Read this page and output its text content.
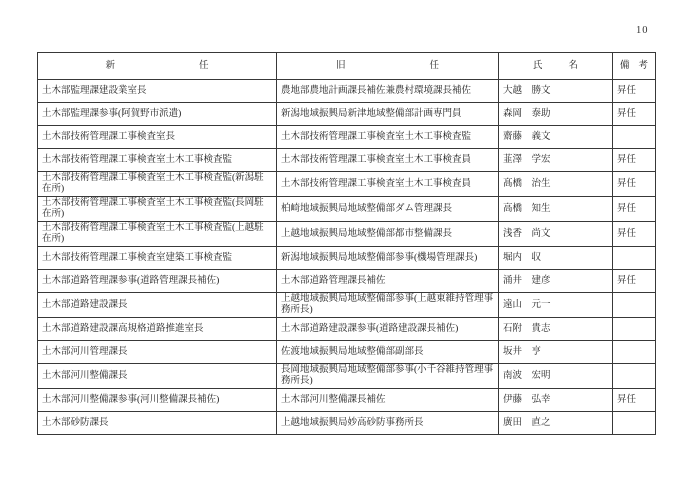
10
新 任	旧 任	氏 名	備 考

土木部監理課建設業室長	農地部農地計画課長補佐兼農村環境課長補佐	大越　勝文	昇任
土木部監理課参事(阿賀野市派遣)	新潟地域振興局新津地域整備部計画専門員	森岡　泰助	昇任
土木部技術管理課工事検査室長	土木部技術管理課工事検査室土木工事検査監	齋藤　義文	
土木部技術管理課工事検査室土木工事検査監	土木部技術管理課工事検査室土木工事検査員	韮澤　学宏	昇任
土木部技術管理課工事検査室土木工事検査監(新潟駐在所)	土木部技術管理課工事検査室土木工事検査員	髙橋　治生	昇任
土木部技術管理課工事検査室土木工事検査監(長岡駐在所)	柏崎地域振興局地域整備部ダム管理課長	高橋　知生	昇任
土木部技術管理課工事検査室土木工事検査監(上越駐在所)	上越地域振興局地域整備部都市整備課長	浅香　尚文	昇任
土木部技術管理課工事検査室建築工事検査監	新潟地域振興局地域整備部参事(機場管理課長)	堀内　収	
土木部道路管理課参事(道路管理課長補佐)	土木部道路管理課長補佐	涌井　建彦	昇任
土木部道路建設課長	上越地域振興局地域整備部参事(上越東維持管理事務所長)	遠山　元一	
土木部道路建設課高規格道路推進室長	土木部道路建設課参事(道路建設課長補佐)	石附　貴志	
土木部河川管理課長	佐渡地域振興局地域整備部副部長	坂井　亨	
土木部河川整備課長	長岡地域振興局地域整備部参事(小千谷維持管理事務所長)	南波　宏明	
土木部河川整備課参事(河川整備課長補佐)	土木部河川整備課長補佐	伊藤　弘幸	昇任
土木部砂防課長	上越地域振興局妙高砂防事務所長	廣田　直之	
